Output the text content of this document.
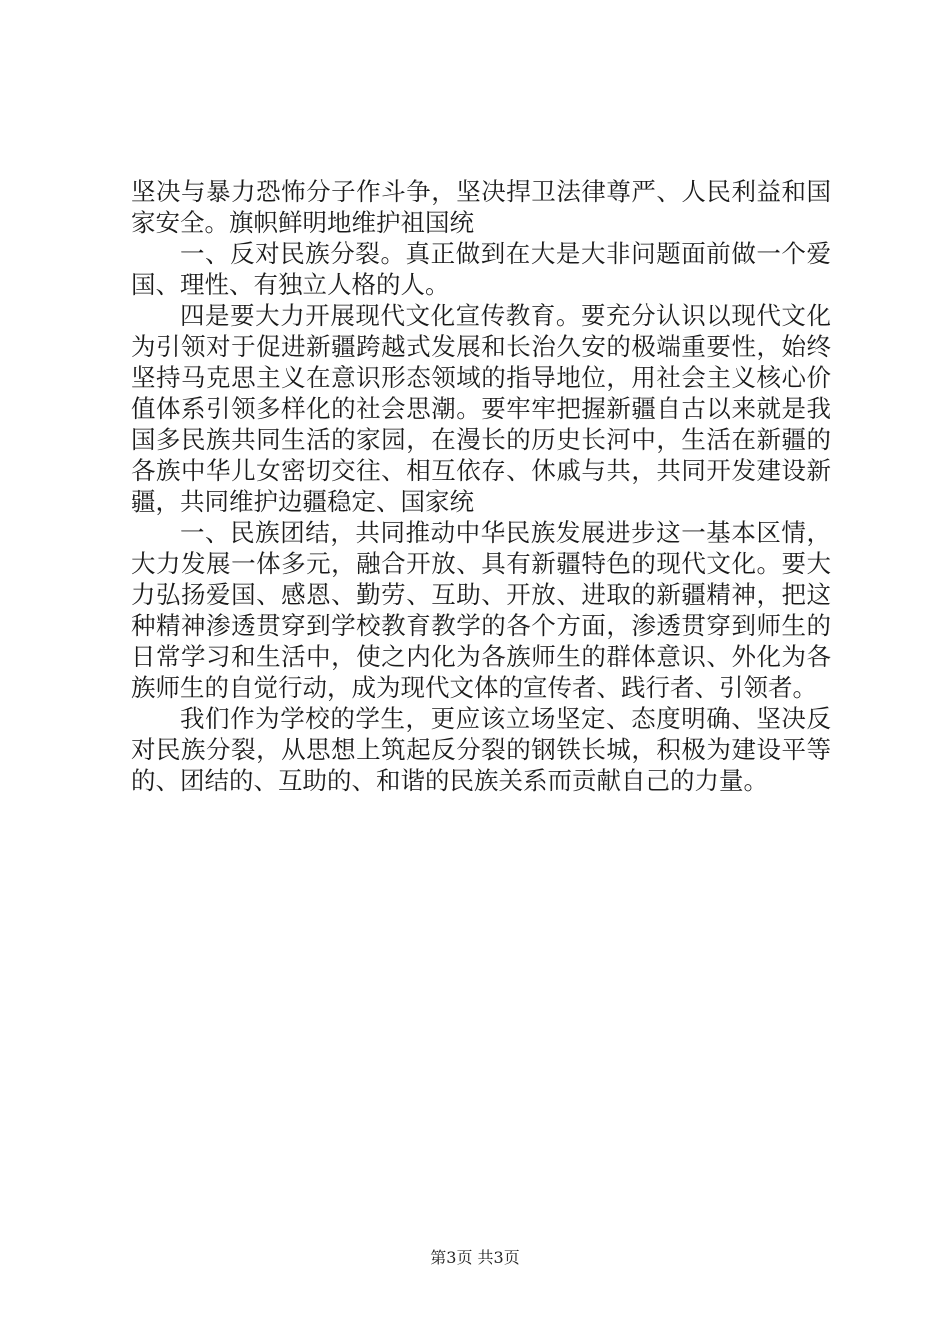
坚决与暴力恐怖分子作斗争，坚决捍卫法律尊严、人民利益和国家安全。旗帜鲜明地维护祖国统

一、反对民族分裂。真正做到在大是大非问题面前做一个爱国、理性、有独立人格的人。

四是要大力开展现代文化宣传教育。要充分认识以现代文化为引领对于促进新疆跨越式发展和长治久安的极端重要性，始终坚持马克思主义在意识形态领域的指导地位，用社会主义核心价值体系引领多样化的社会思潮。要牢牢把握新疆自古以来就是我国多民族共同生活的家园，在漫长的历史长河中，生活在新疆的各族中华儿女密切交往、相互依存、休戚与共，共同开发建设新疆，共同维护边疆稳定、国家统

一、民族团结，共同推动中华民族发展进步这一基本区情，大力发展一体多元，融合开放、具有新疆特色的现代文化。要大力弘扬爱国、感恩、勤劳、互助、开放、进取的新疆精神，把这种精神渗透贯穿到学校教育教学的各个方面，渗透贯穿到师生的日常学习和生活中，使之内化为各族师生的群体意识、外化为各族师生的自觉行动，成为现代文体的宣传者、践行者、引领者。

我们作为学校的学生，更应该立场坚定、态度明确、坚决反对民族分裂，从思想上筑起反分裂的钢铁长城，积极为建设平等的、团结的、互助的、和谐的民族关系而贡献自己的力量。

第3页 共3页
